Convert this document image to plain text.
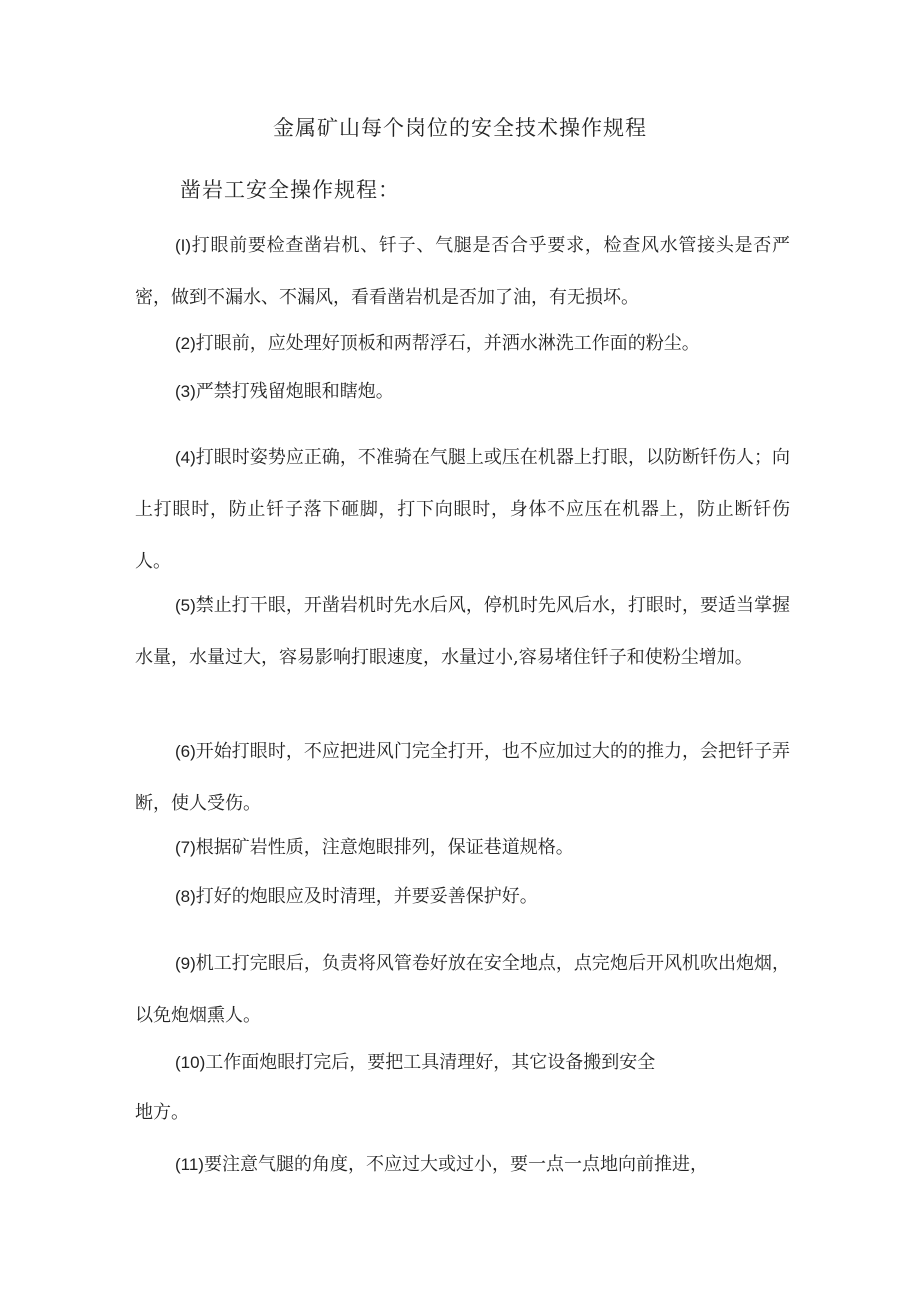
金属矿山每个岗位的安全技术操作规程
凿岩工安全操作规程：

(I)打眼前要检查凿岩机、钎子、气腿是否合乎要求，检查风水管接头是否严密，做到不漏水、不漏风，看看凿岩机是否加了油，有无损坏。

(2)打眼前，应处理好顶板和两帮浮石，并洒水淋洗工作面的粉尘。

(3)严禁打残留炮眼和瞎炮。

(4)打眼时姿势应正确，不准骑在气腿上或压在机器上打眼，以防断钎伤人；向上打眼时，防止钎子落下砸脚，打下向眼时，身体不应压在机器上，防止断钎伤人。

(5)禁止打干眼，开凿岩机时先水后风，停机时先风后水，打眼时，要适当掌握水量，水量过大，容易影响打眼速度，水量过小,容易堵住钎子和使粉尘增加。

(6)开始打眼时，不应把进风门完全打开，也不应加过大的的推力，会把钎子弄断，使人受伤。

(7)根据矿岩性质，注意炮眼排列，保证巷道规格。

(8)打好的炮眼应及时清理，并要妥善保护好。

(9)机工打完眼后，负责将风管卷好放在安全地点，点完炮后开风机吹出炮烟，以免炮烟熏人。

(10)工作面炮眼打完后，要把工具清理好，其它设备搬到安全

地方。

(11)要注意气腿的角度，不应过大或过小，要一点一点地向前推进，
